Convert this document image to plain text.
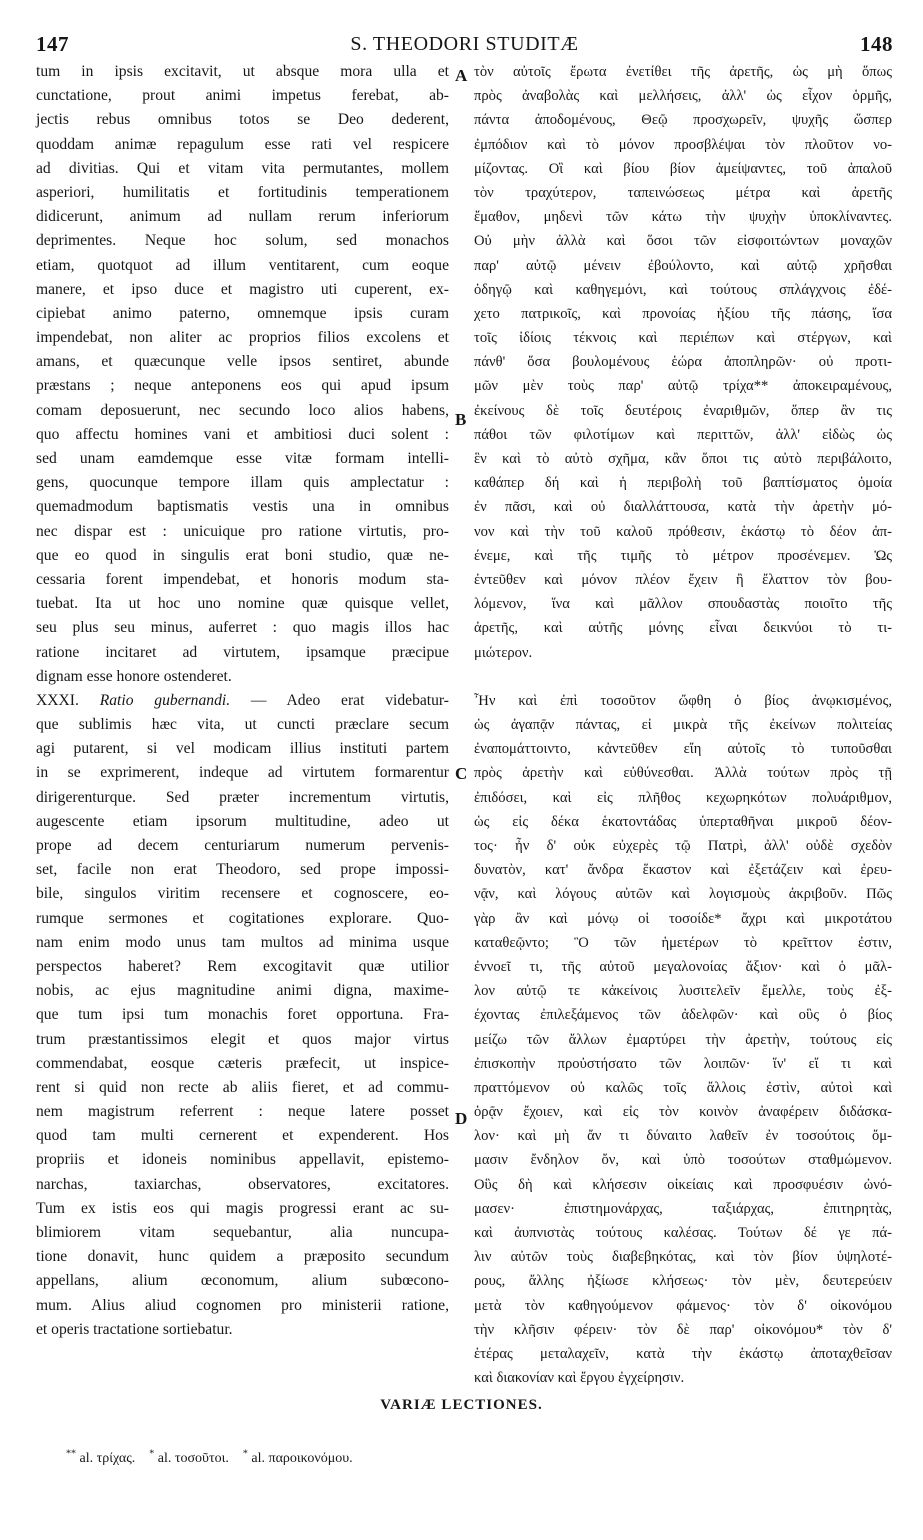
147	S. THEODORI STUDITÆ	148
tum in ipsis excitavit, ut absque mora ulla et
cunctatione, prout animi impetus ferebat, ab-
jectis rebus omnibus totos se Deo dederent,
quoddam animæ repagulum esse rati vel respicere
ad divitias. Qui et vitam vita permutantes, mollem
asperiori, humilitatis et fortitudinis temperationem
didicerunt, animum ad nullam rerum inferiorum
deprimentes. Neque hoc solum, sed monachos
etiam, quotquot ad illum ventitarent, cum eoque
manere, et ipso duce et magistro uti cuperent, ex-
cipiebat animo paterno, omnemque ipsis curam
impendebat, non aliter ac proprios filios excolens et
amans, et quæcunque velle ipsos sentiret, abunde
præstans ; neque anteponens eos qui apud ipsum
comam deposuerunt, nec secundo loco alios habens,
quo affectu homines vani et ambitiosi duci solent :
sed unam eamdemque esse vitæ formam intelli-
gens, quocunque tempore illam quis amplectatur :
quemadmodum baptismatis vestis una in omnibus
nec dispar est : unicuique pro ratione virtutis, pro-
que eo quod in singulis erat boni studio, quæ ne-
cessaria forent impendebat, et honoris modum sta-
tuebat. Ita ut hoc uno nomine quæ quisque vellet,
seu plus seu minus, auferret : quo magis illos hac
ratione incitaret ad virtutem, ipsamque præcipue
dignam esse honore ostenderet.
XXXI. Ratio gubernandi. — Adeo erat videbatur-
que sublimis hæc vita, ut cuncti præclare secum
agi putarent, si vel modicam illius instituti partem
in se exprimerent, indeque ad virtutem formarentur
dirigerenturque. Sed præter incrementum virtutis,
augescente etiam ipsorum multitudine, adeo ut
prope ad decem centuriarum numerum pervenis-
set, facile non erat Theodoro, sed prope impossi-
bile, singulos viritim recensere et cognoscere, eo-
rumque sermones et cogitationes explorare. Quo-
nam enim modo unus tam multos ad minima usque
perspectos haberet? Rem excogitavit quæ utilior
nobis, ac ejus magnitudine animi digna, maxime-
que tum ipsi tum monachis foret opportuna. Fra-
trum præstantissimos elegit et quos major virtus
commendabat, eosque cæteris præfecit, ut inspice-
rent si quid non recte ab aliis fieret, et ad commu-
nem magistrum referrent : neque latere posset
quod tam multi cernerent et expenderent. Hos
propriis et idoneis nominibus appellavit, epistemo-
narchas, taxiarchas, observatores, excitatores.
Tum ex istis eos qui magis progressi erant ac su-
blimiorem vitam sequebantur, alia nuncupa-
tione donavit, hunc quidem a præposito secundum
appellans, alium œconomum, alium subœcono-
mum. Alius aliud cognomen pro ministerii ratione,
et operis tractatione sortiebatur.
τὸν αὐτοῖς ἔρωτα ἐνετίθει τῆς ἀρετῆς, ὡς μὴ ὅπως
πρὸς ἀναβολὰς καὶ μελλήσεις, ἀλλ' ὡς εἶχον ὁρμῆς,
πάντα ἀποδομένους, Θεῷ προσχωρεῖν, ψυχῆς ὥσπερ
ἐμπόδιον καὶ τὸ μόνον προσβλέψαι τὸν πλοῦτον νο-
μίζοντας. Οἳ καὶ βίου βίον ἀμείψαντες, τοῦ ἁπαλοῦ
τὸν τραχύτερον, ταπεινώσεως μέτρα καὶ ἀρετῆς
ἔμαθον, μηδενὶ τῶν κάτω τὴν ψυχὴν ὑποκλίναντες.
Οὐ μὴν ἀλλὰ καὶ ὅσοι τῶν εἰσφοιτώντων μοναχῶν
παρ' αὐτῷ μένειν ἐβούλοντο, καὶ αὐτῷ χρῆσθαι
ὁδηγῷ καὶ καθηγεμόνι, καὶ τούτους σπλάγχνοις ἐδέ-
χετο πατρικοῖς, καὶ προνοίας ἠξίου τῆς πάσης, ἴσα
τοῖς ἰδίοις τέκνοις καὶ περιέπων καὶ στέργων, καὶ
πάνθ' ὅσα βουλομένους ἑώρα ἀποπληρῶν· οὐ προτι-
μῶν μὲν τοὺς παρ' αὐτῷ τρίχα** ἀποκειραμένους,
ἐκείνους δὲ τοῖς δευτέροις ἐναριθμῶν, ὅπερ ἂν τις
πάθοι τῶν φιλοτίμων καὶ περιττῶν, ἀλλ' εἰδὼς ὡς
ἓν καὶ τὸ αὐτὸ σχῆμα, κἂν ὅποι τις αὐτὸ περιβάλοιτο,
καθάπερ δή καὶ ἡ περιβολὴ τοῦ βαπτίσματος ὁμοία
ἐν πᾶσι, καὶ οὐ διαλλάττουσα, κατὰ τὴν ἀρετὴν μό-
νον καὶ τὴν τοῦ καλοῦ πρόθεσιν, ἑκάστῳ τὸ δέον ἀπ-
ένεμε, καὶ τῆς τιμῆς τὸ μέτρον προσένεμεν. Ὡς
ἐντεῦθεν καὶ μόνον πλέον ἔχειν ἢ ἔλαττον τὸν βου-
λόμενον, ἵνα καὶ μᾶλλον σπουδαστὰς ποιοῖτο τῆς
ἀρετῆς, καὶ αὐτῆς μόνης εἶναι δεικνύοι τὸ τι-
μιώτερον.
Ἦν καὶ ἐπὶ τοσοῦτον ὤφθη ὁ βίος ἀνῳκισμένος,
ὡς ἀγαπᾷν πάντας, εἰ μικρὰ τῆς ἐκείνων πολιτείας
ἐναπομάττοιντο, κἀντεῦθεν εἴη αὐτοῖς τὸ τυποῦσθαι
πρὸς ἀρετὴν καὶ εὐθύνεσθαι. Ἀλλὰ τούτων πρὸς τῇ
ἐπιδόσει, καὶ εἰς πλῆθος κεχωρηκότων πολυάριθμον,
ὡς εἰς δέκα ἑκατοντάδας ὑπερταθῆναι μικροῦ δέον-
τος· ἦν δ' οὐκ εὐχερὲς τῷ Πατρὶ, ἀλλ' οὐδὲ σχεδὸν
δυνατὸν, κατ' ἄνδρα ἕκαστον καὶ ἐξετάζειν καὶ ἐρευ-
νᾷν, καὶ λόγους αὐτῶν καὶ λογισμοὺς ἀκριβοῦν. Πῶς
γὰρ ἂν καὶ μόνῳ οἱ τοσοίδε* ἄχρι καὶ μικροτάτου
καταθεῷντο; Ὃ τῶν ἡμετέρων τὸ κρεῖττον ἐστιν,
ἐννοεῖ τι, τῆς αὐτοῦ μεγαλονοίας ἄξιον· καὶ ὁ μᾶλ-
λον αὐτῷ τε κἀκείνοις λυσιτελεῖν ἔμελλε, τοὺς ἐξ-
έχοντας ἐπιλεξάμενος τῶν ἀδελφῶν· καὶ οὓς ὁ βίος
μείζω τῶν ἄλλων ἐμαρτύρει τὴν ἀρετὴν, τούτους εἰς
ἐπισκοπὴν προὐστήσατο τῶν λοιπῶν· ἵν' εἴ τι καὶ
πραττόμενον οὐ καλῶς τοῖς ἄλλοις ἐστὶν, αὐτοὶ καὶ
ὁρᾷν ἔχοιεν, καὶ εἰς τὸν κοινὸν ἀναφέρειν διδάσκα-
λον· καὶ μὴ ἄν τι δύναιτο λαθεῖν ἐν τοσούτοις ὄμ-
μασιν ἔνδηλον ὄν, καὶ ὑπὸ τοσούτων σταθμώμενον.
Οὓς δὴ καὶ κλήσεσιν οἰκείαις καὶ προσφυέσιν ὠνό-
μασεν· ἐπιστημονάρχας, ταξιάρχας, ἐπιτηρητὰς,
καὶ ἀυπνιστὰς τούτους καλέσας. Τούτων δέ γε πά-
λιν αὐτῶν τοὺς διαβεβηκότας, καὶ τὸν βίον ὑψηλοτέ-
ρους, ἄλλης ἠξίωσε κλήσεως· τὸν μὲν, δευτερεύειν
μετὰ τὸν καθηγούμενον φάμενος· τὸν δ' οἰκονόμου
τὴν κλῆσιν φέρειν· τὸν δὲ παρ' οἰκονόμου* τὸν δ'
ἑτέρας μεταλαχεῖν, κατὰ τὴν ἑκάστῳ ἀποταχθεῖσαν
καὶ διακονίαν καὶ ἔργου ἐγχείρησιν.
A
B
C
D
VARIÆ LECTIONES.
** al. τρίχας. * al. τοσοῦτοι. * al. παροικονόμου.
